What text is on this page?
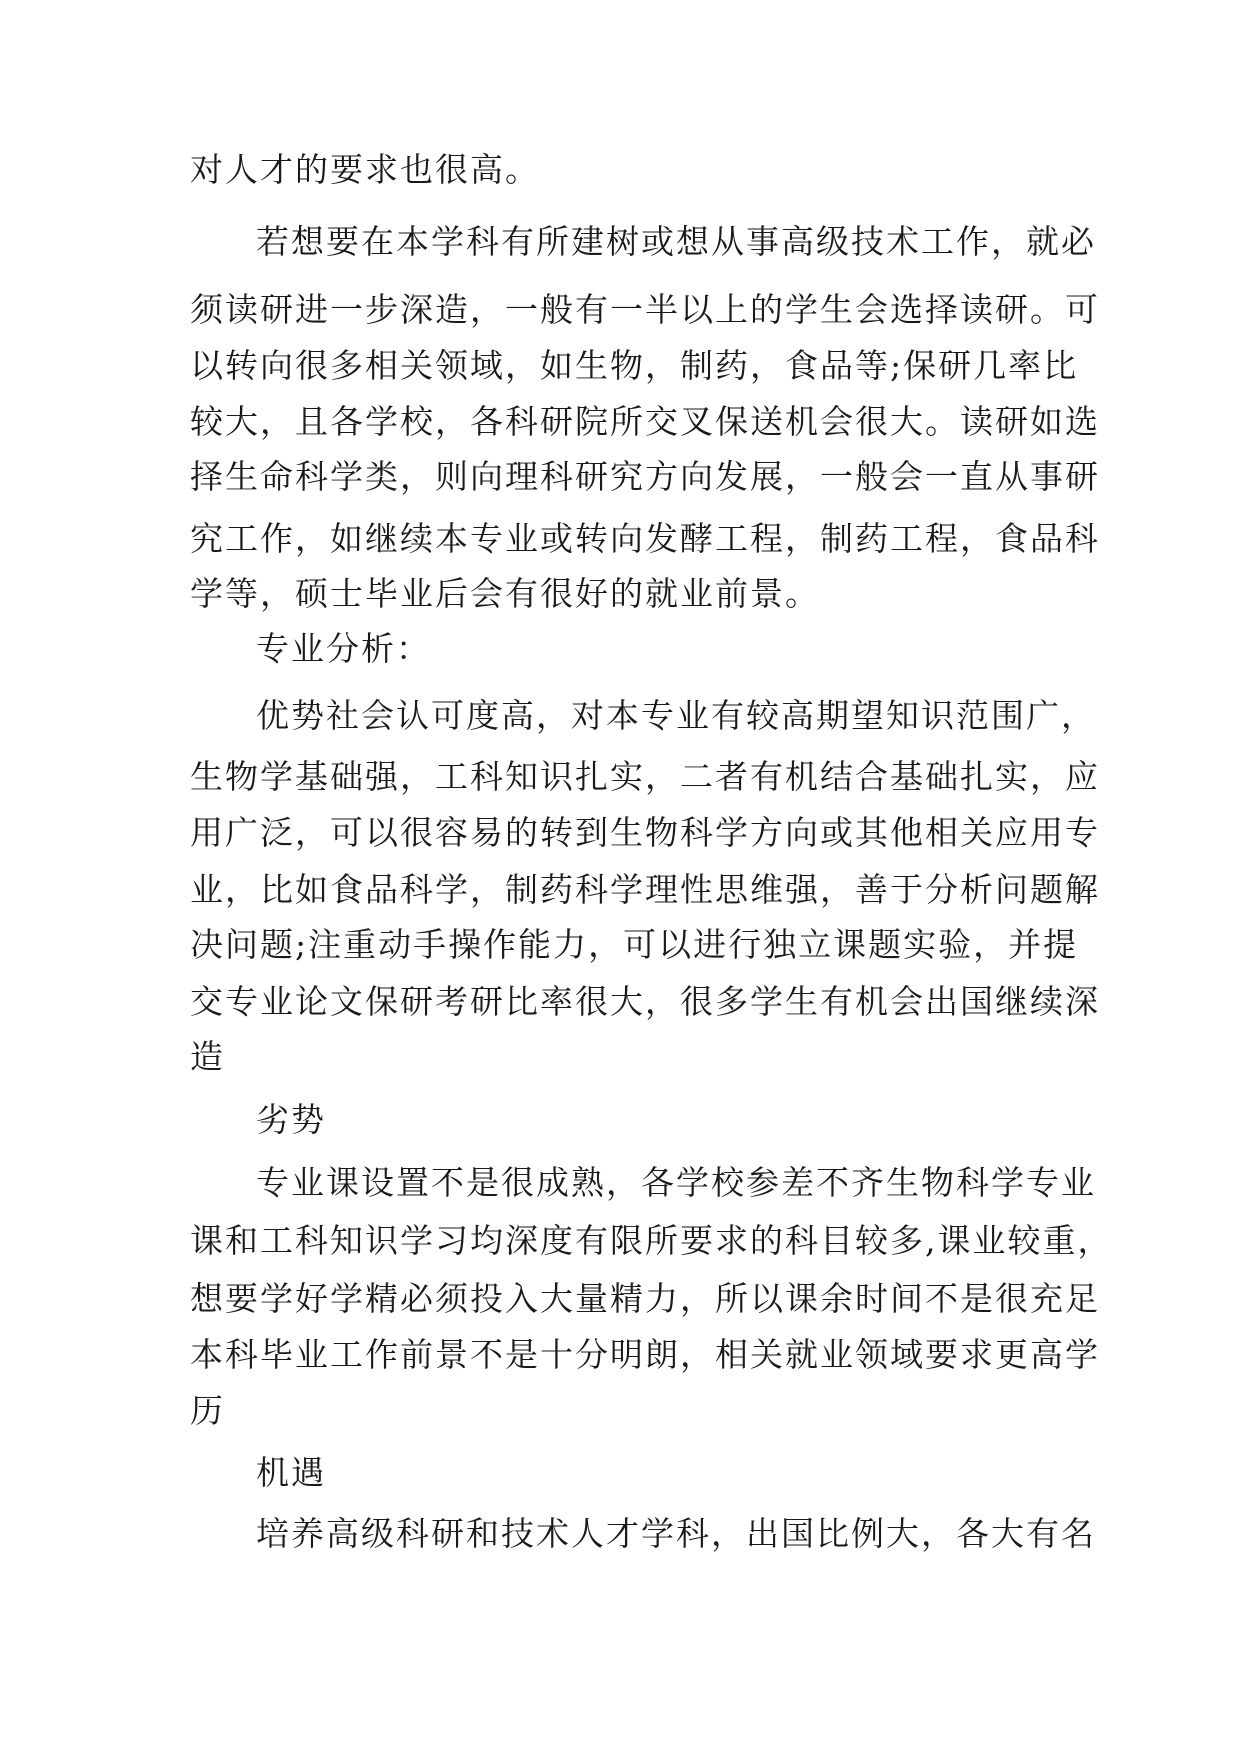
对人才的要求也很高。

若想要在本学科有所建树或想从事高级技术工作，就必

须读研进一步深造，一般有一半以上的学生会选择读研。可

以转向很多相关领域，如生物，制药，食品等;保研几率比

较大，且各学校，各科研院所交叉保送机会很大。读研如选

择生命科学类，则向理科研究方向发展，一般会一直从事研

究工作，如继续本专业或转向发酵工程，制药工程，食品科

学等，硕士毕业后会有很好的就业前景。

专业分析：

优势社会认可度高，对本专业有较高期望知识范围广，

生物学基础强，工科知识扎实，二者有机结合基础扎实，应

用广泛，可以很容易的转到生物科学方向或其他相关应用专

业，比如食品科学，制药科学理性思维强，善于分析问题解

决问题;注重动手操作能力，可以进行独立课题实验，并提

交专业论文保研考研比率很大，很多学生有机会出国继续深

造

劣势

专业课设置不是很成熟，各学校参差不齐生物科学专业

课和工科知识学习均深度有限所要求的科目较多,课业较重，

想要学好学精必须投入大量精力，所以课余时间不是很充足

本科毕业工作前景不是十分明朗，相关就业领域要求更高学

历

机遇

培养高级科研和技术人才学科，出国比例大，各大有名
